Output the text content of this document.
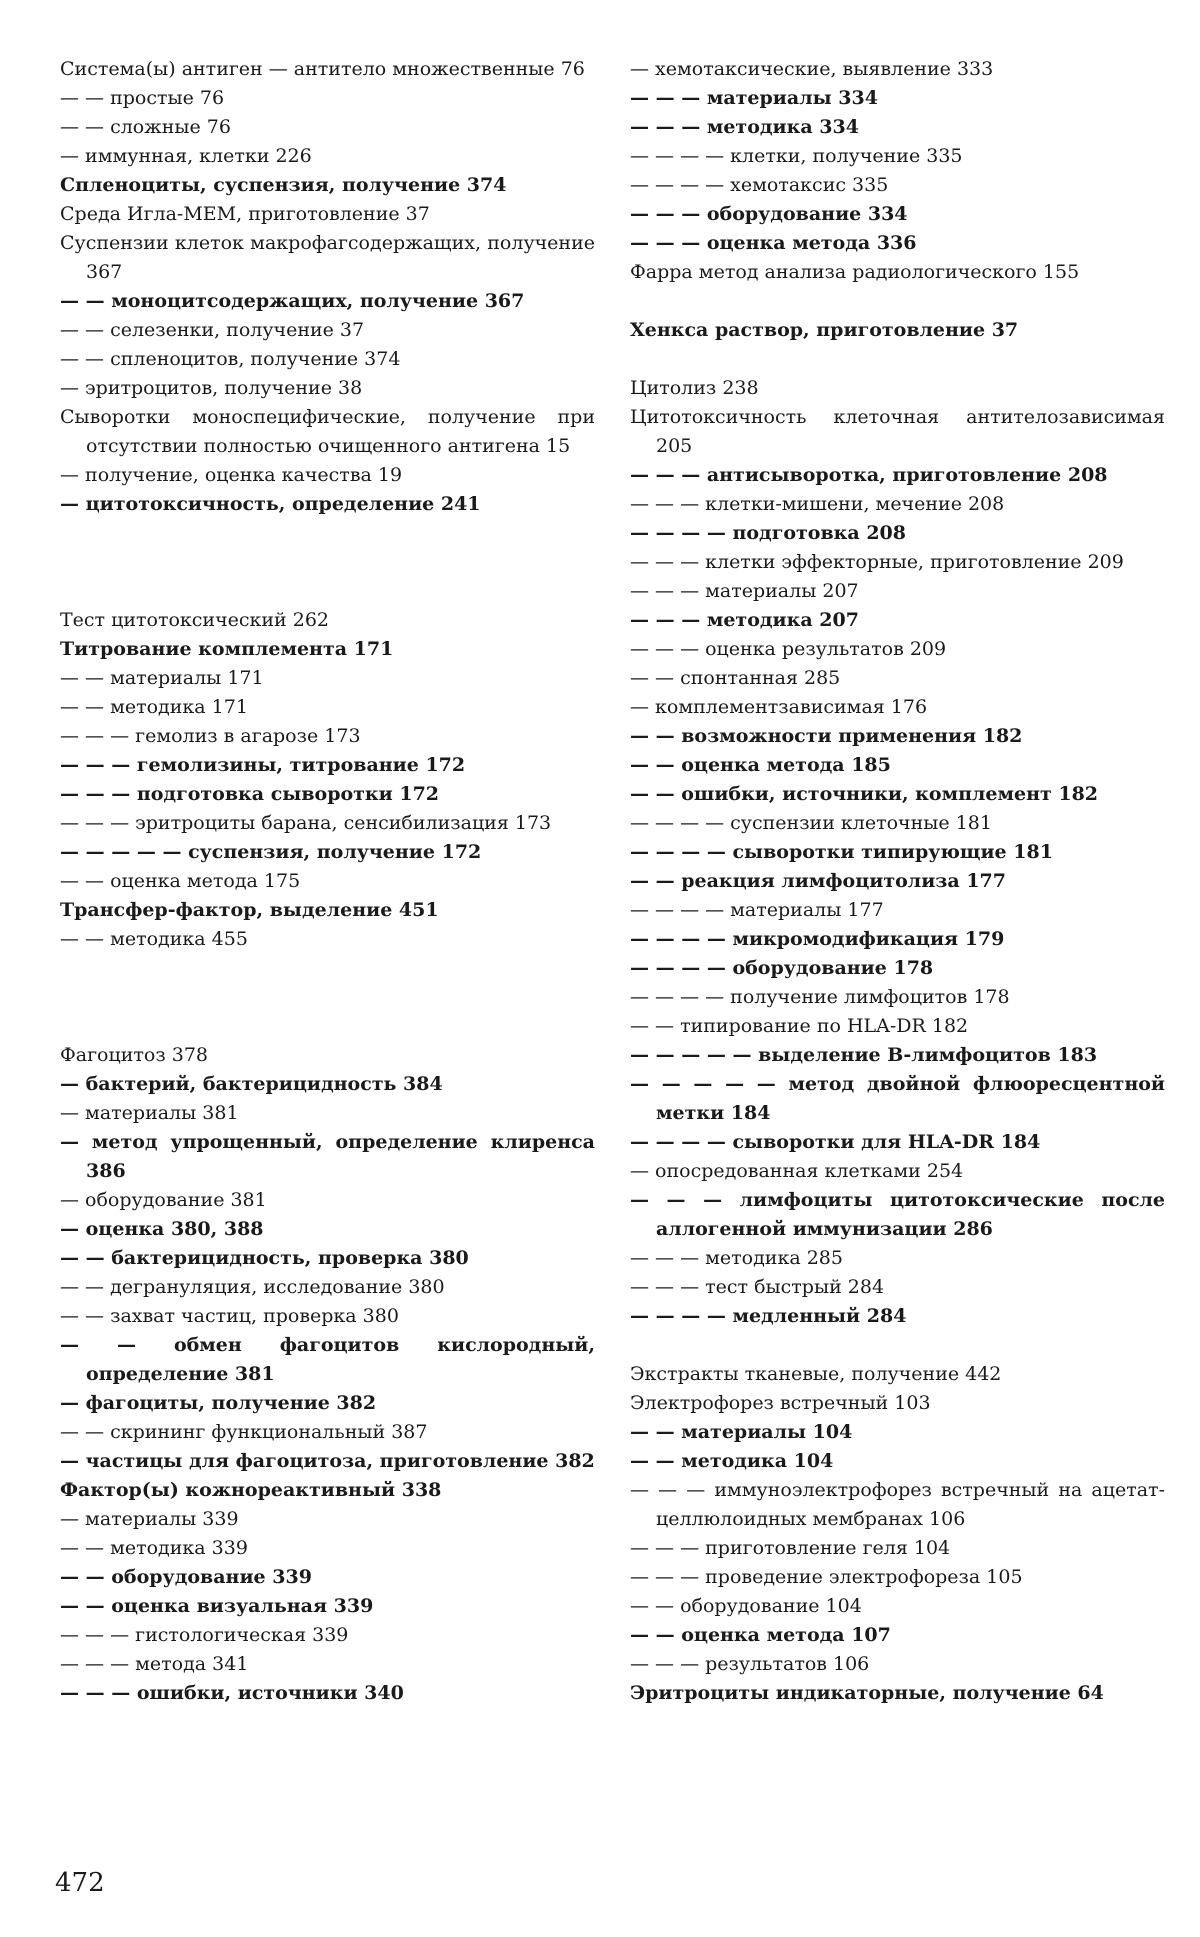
Система(ы) антиген — антитело множественные 76
— — простые 76
— — сложные 76
— иммунная, клетки 226
Спленоциты, суспензия, получение 374
Среда Игла-MEM, приготовление 37
Суспензии клеток макрофагсодержащих, получение 367
— — моноцитсодержащих, получение 367
— — селезенки, получение 37
— — спленоцитов, получение 374
— эритроцитов, получение 38
Сыворотки моноспецифические, получение при отсутствии полностью очищенного антигена 15
— получение, оценка качества 19
— цитотоксичность, определение 241
Тест цитотоксический 262
Титрование комплемента 171
— — материалы 171
— — методика 171
— — — гемолиз в агарозе 173
— — — гемолизины, титрование 172
— — — подготовка сыворотки 172
— — — эритроциты барана, сенсибилизация 173
— — — — — суспензия, получение 172
— — оценка метода 175
Трансфер-фактор, выделение 451
— — методика 455
Фагоцитоз 378
— бактерий, бактерицидность 384
— материалы 381
— метод упрощенный, определение клиренса 386
— оборудование 381
— оценка 380, 388
— — бактерицидность, проверка 380
— — дегрануляция, исследование 380
— — захват частиц, проверка 380
— — обмен фагоцитов кислородный, определение 381
— фагоциты, получение 382
— — скрининг функциональный 387
— частицы для фагоцитоза, приготовление 382
Фактор(ы) кожнореактивный 338
— материалы 339
— — методика 339
— — оборудование 339
— — оценка визуальная 339
— — — гистологическая 339
— — — метода 341
— — — ошибки, источники 340
— хемотаксические, выявление 333
— — — материалы 334
— — — методика 334
— — — — клетки, получение 335
— — — — хемотаксис 335
— — — оборудование 334
— — — оценка метода 336
Фарра метод анализа радиологического 155
Хенкса раствор, приготовление 37
Цитолиз 238
Цитотоксичность клеточная антителозависимая 205
— — — антисыворотка, приготовление 208
— — — клетки-мишени, мечение 208
— — — — подготовка 208
— — — клетки эффекторные, приготовление 209
— — — материалы 207
— — — методика 207
— — — оценка результатов 209
— — спонтанная 285
— комплементзависимая 176
— — возможности применения 182
— — оценка метода 185
— — ошибки, источники, комплемент 182
— — — — суспензии клеточные 181
— — — — сыворотки типирующие 181
— — реакция лимфоцитолиза 177
— — — — материалы 177
— — — — микромодификация 179
— — — — оборудование 178
— — — — получение лимфоцитов 178
— — типирование по HLA-DR 182
— — — — — выделение В-лимфоцитов 183
— — — — — метод двойной флюоресцентной метки 184
— — — — сыворотки для HLA-DR 184
— опосредованная клетками 254
— — — лимфоциты цитотоксические после аллогенной иммунизации 286
— — — методика 285
— — — тест быстрый 284
— — — — медленный 284
Экстракты тканевые, получение 442
Электрофорез встречный 103
— — материалы 104
— — методика 104
— — — иммуноэлектрофорез встречный на ацетат-целлюлоидных мембранах 106
— — — приготовление геля 104
— — — проведение электрофореза 105
— — оборудование 104
— — оценка метода 107
— — — результатов 106
Эритроциты индикаторные, получение 64
472
